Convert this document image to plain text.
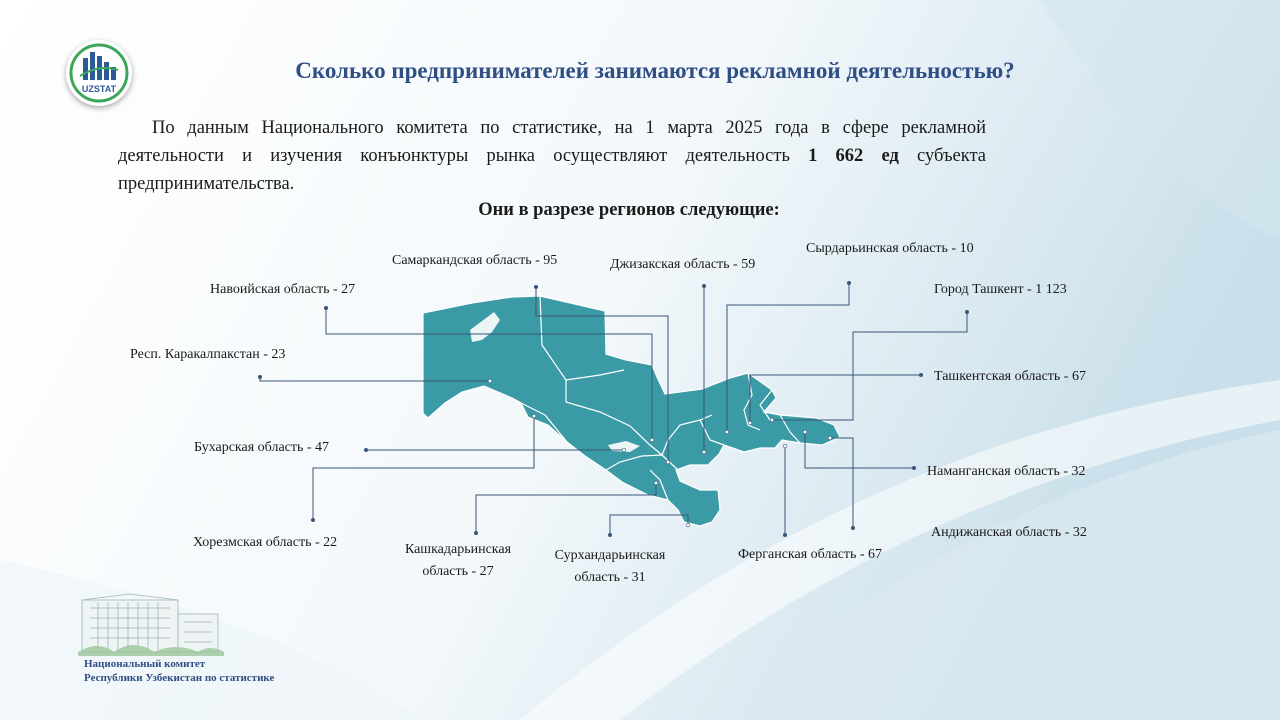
UZSTAT
Сколько предпринимателей занимаются рекламной деятельностью?
По данным Национального комитета по статистике, на 1 марта 2025 года в сфере рекламной деятельности и изучения конъюнктуры рынка осуществляют деятельность 1 662 ед субъекта предпринимательства.
Они в разрезе регионов следующие:
Респ. Каракалпакстан - 23
Навоийская область - 27
Самаркандская область - 95	Джизакская область - 59
Сырдарьинская область - 10
Город Ташкент - 1 123
Ташкентская область - 67
Бухарская область - 47
Наманганская область - 32
Хорезмская область - 22	Кашкадарьинская область - 27
Сурхандарьинская область - 31
Ферганская область - 67
Андижанская область - 32
Национальный комитет
Республики Узбекистан по статистике
